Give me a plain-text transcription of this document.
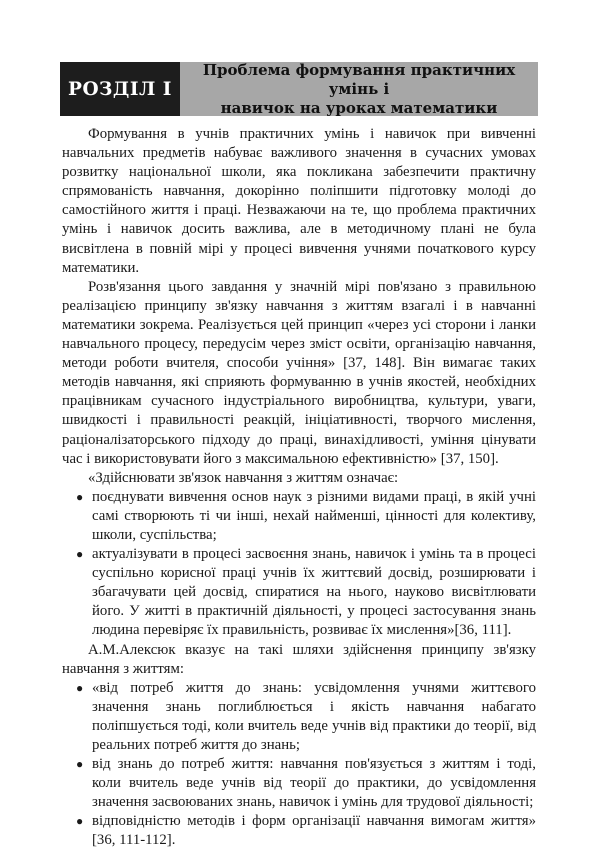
РОЗДІЛ І
Проблема формування практичних умінь і
навичок на уроках математики

Формування в учнів практичних умінь і навичок при вивченні навчальних предметів набуває важливого значення в сучасних умовах розвитку національної школи, яка покликана забезпечити практичну спрямованість навчання, докорінно поліпшити підготовку молоді до самостійного життя і праці. Незважаючи на те, що проблема практичних умінь і навичок досить важлива, але в методичному плані не була висвітлена в повній мірі у процесі вивчення учнями початкового курсу математики.

Розв'язання цього завдання у значній мірі пов'язано з правильною реалізацією принципу зв'язку навчання з життям взагалі і в навчанні математики зокрема. Реалізується цей принцип «через усі сторони і ланки навчального процесу, передусім через зміст освіти, організацію навчання, методи роботи вчителя, способи учіння» [37, 148]. Він вимагає таких методів навчання, які сприяють формуванню в учнів якостей, необхідних працівникам сучасного індустріального виробництва, культури, уваги, швидкості і правильності реакцій, ініціативності, творчого мислення, раціоналізаторського підходу до праці, винахідливості, уміння цінувати час і використовувати його з максимальною ефективністю» [37, 150].

«Здійснювати зв'язок навчання з життям означає:

● поєднувати вивчення основ наук з різними видами праці, в якій учні самі створюють ті чи інші, нехай найменші, цінності для колективу, школи, суспільства;
● актуалізувати в процесі засвоєння знань, навичок і умінь та в процесі суспільно корисної праці учнів їх життєвий досвід, розширювати і збагачувати цей досвід, спиратися на нього, науково висвітлювати його. У житті в практичній діяльності, у процесі застосування знань людина перевіряє їх правильність, розвиває їх мислення»[36, 111].

А.М.Алексюк вказує на такі шляхи здійснення принципу зв'язку навчання з життям:

● «від потреб життя до знань: усвідомлення учнями життєвого значення знань поглиблюється і якість навчання набагато поліпшується тоді, коли вчитель веде учнів від практики до теорії, від реальних потреб життя до знань;
● від знань до потреб життя: навчання пов'язується з життям і тоді, коли вчитель веде учнів від теорії до практики, до усвідомлення значення засвоюваних знань, навичок і умінь для трудової діяльності;
● відповідністю методів і форм організації навчання вимогам життя» [36, 111-112].
